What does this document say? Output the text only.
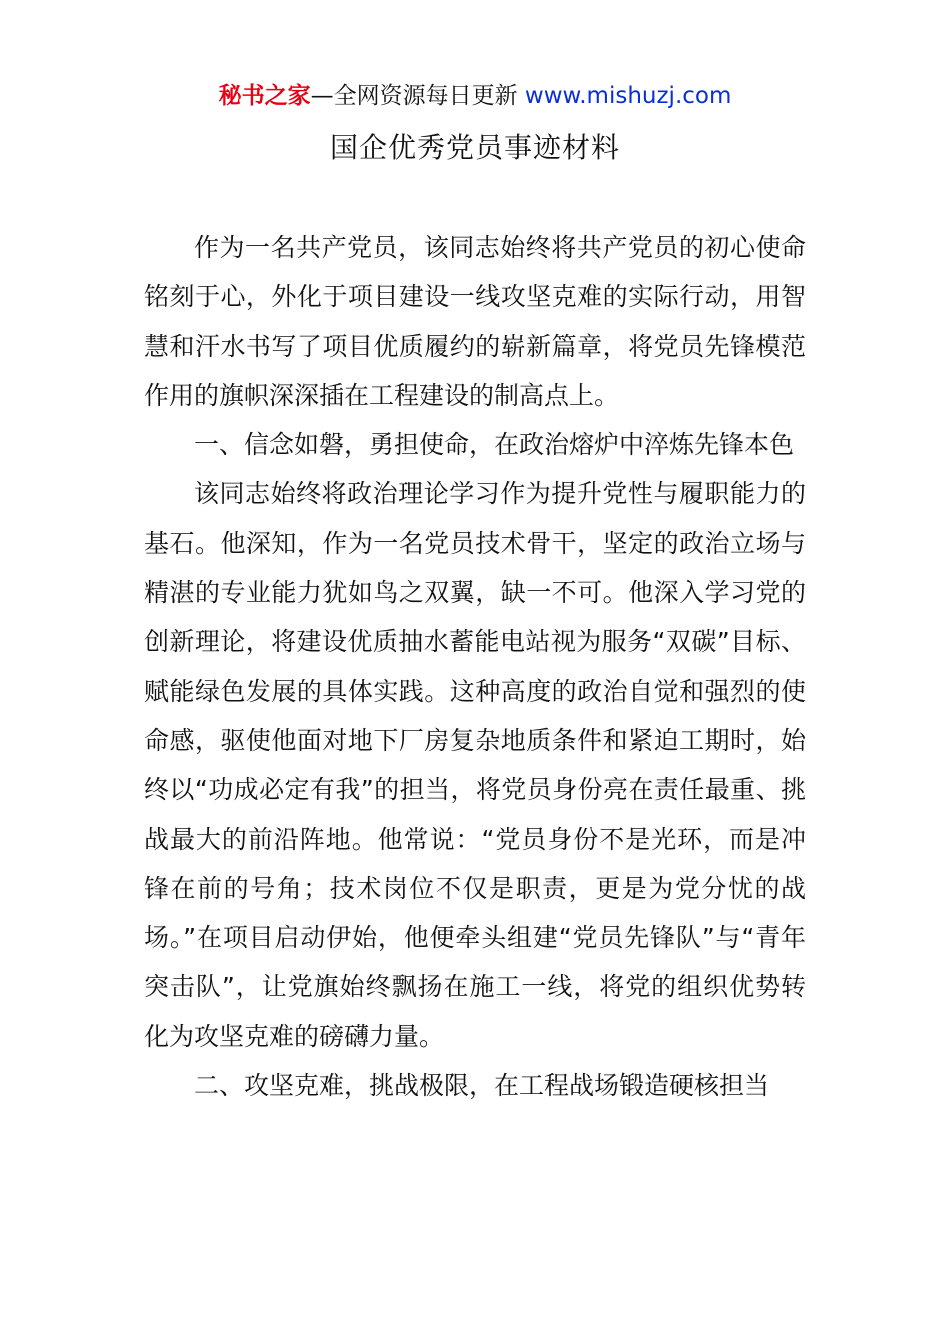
秘书之家—全网资源每日更新 www.mishuzj.com
国企优秀党员事迹材料

作为一名共产党员，该同志始终将共产党员的初心使命铭刻于心，外化于项目建设一线攻坚克难的实际行动，用智慧和汗水书写了项目优质履约的崭新篇章，将党员先锋模范作用的旗帜深深插在工程建设的制高点上。

一、信念如磐，勇担使命，在政治熔炉中淬炼先锋本色

该同志始终将政治理论学习作为提升党性与履职能力的基石。他深知，作为一名党员技术骨干，坚定的政治立场与精湛的专业能力犹如鸟之双翼，缺一不可。他深入学习党的创新理论，将建设优质抽水蓄能电站视为服务“双碳”目标、赋能绿色发展的具体实践。这种高度的政治自觉和强烈的使命感，驱使他面对地下厂房复杂地质条件和紧迫工期时，始终以“功成必定有我”的担当，将党员身份亮在责任最重、挑战最大的前沿阵地。他常说：“党员身份不是光环，而是冲锋在前的号角；技术岗位不仅是职责，更是为党分忧的战场。”在项目启动伊始，他便牵头组建“党员先锋队”与“青年突击队”，让党旗始终飘扬在施工一线，将党的组织优势转化为攻坚克难的磅礴力量。

二、攻坚克难，挑战极限，在工程战场锻造硬核担当
